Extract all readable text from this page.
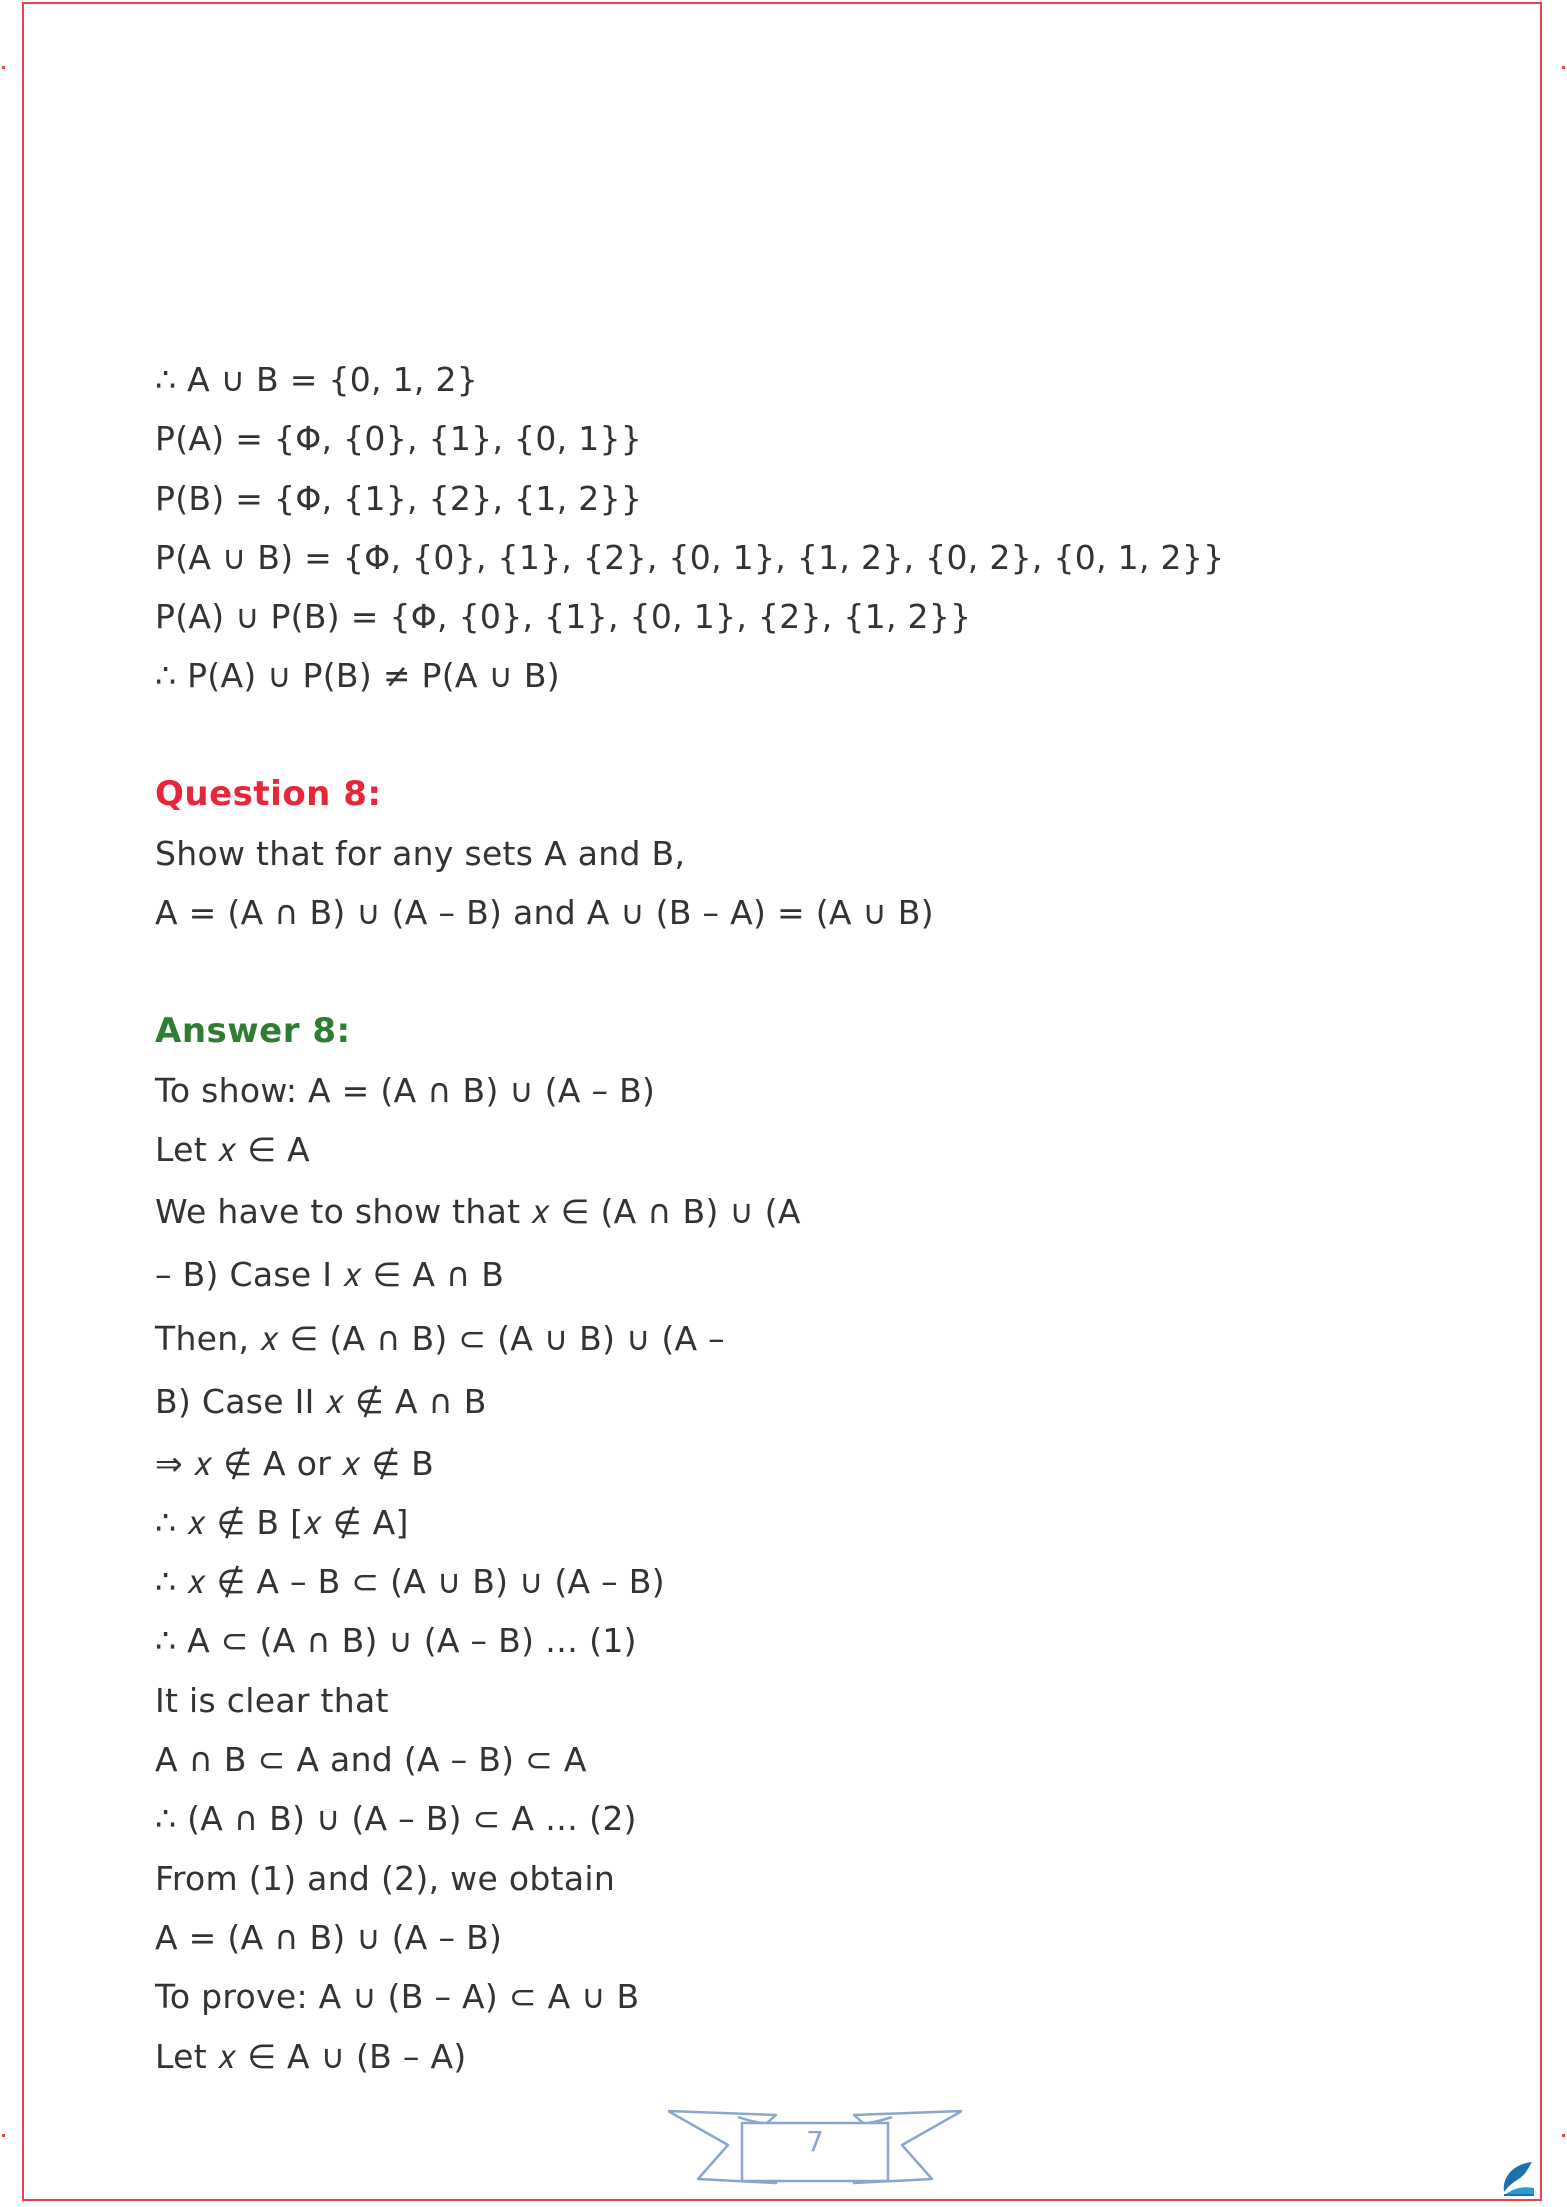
∴ A ∪ B = {0, 1, 2}
P(A) = {Φ, {0}, {1}, {0, 1}}
P(B) = {Φ, {1}, {2}, {1, 2}}
P(A ∪ B) = {Φ, {0}, {1}, {2}, {0, 1}, {1, 2}, {0, 2}, {0, 1, 2}}
P(A) ∪ P(B) = {Φ, {0}, {1}, {0, 1}, {2}, {1, 2}}
∴ P(A) ∪ P(B) ≠ P(A ∪ B)
Question 8:
Show that for any sets A and B,
A = (A ∩ B) ∪ (A – B) and A ∪ (B – A) = (A ∪ B)
Answer 8:
To show: A = (A ∩ B) ∪ (A – B)
Let 𝑥 ∈ A
We have to show that 𝑥 ∈ (A ∩ B) ∪ (A
– B) Case I 𝑥 ∈ A ∩ B
Then, 𝑥 ∈ (A ∩ B) ⊂ (A ∪ B) ∪ (A –
B) Case II 𝑥 ∉ A ∩ B
⇒ 𝑥 ∉ A or 𝑥 ∉ B
∴ 𝑥 ∉ B [𝑥 ∉ A]
∴ 𝑥 ∉ A – B ⊂ (A ∪ B) ∪ (A – B)
∴ A ⊂ (A ∩ B) ∪ (A – B) … (1)
It is clear that
A ∩ B ⊂ A and (A – B) ⊂ A
∴ (A ∩ B) ∪ (A – B) ⊂ A … (2)
From (1) and (2), we obtain
A = (A ∩ B) ∪ (A – B)
To prove: A ∪ (B – A) ⊂ A ∪ B
Let 𝑥 ∈ A ∪ (B – A)
7
